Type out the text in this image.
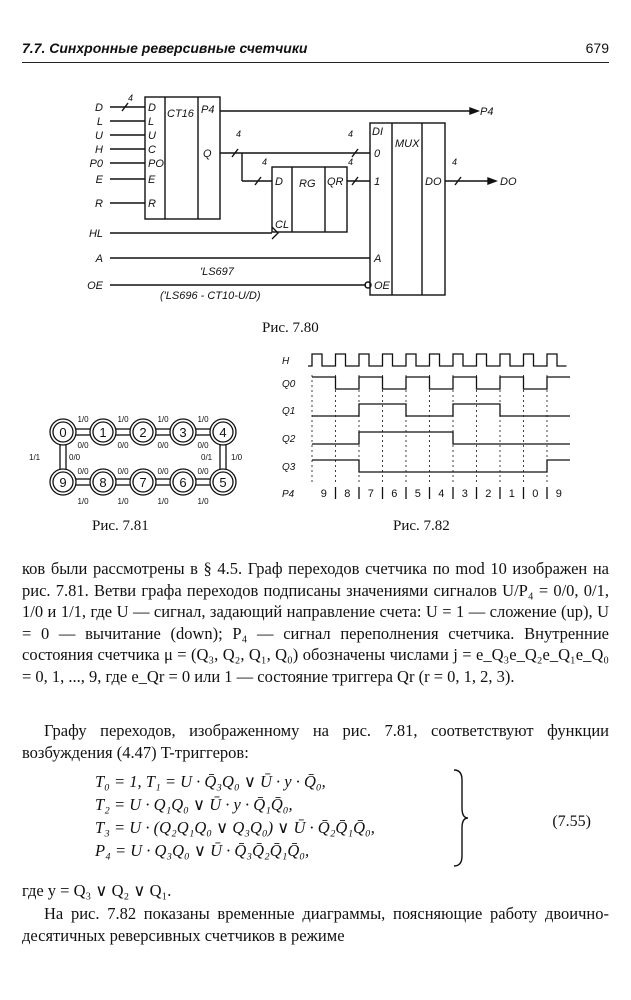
7.7. Синхронные реверсивные счетчики	679
D	D
L	L
U	U
H	C
P0	PO
E	E
R	R
4
CT16 P4
Q
P4
D
CL
RG QR
DI
0
1
A
OE
MUX
DO	DO
HL
A
OE
'LS697
('LS696 - CT10-U/D)
4
4
4
4	4
Рис. 7.80
0	1	2	3	4
9	8	7	6	5
1/0
0/0
0/0
1/0
1/0
0/0
0/0
1/0
1/0
0/0
0/0
1/0
1/0
0/0
0/0
1/0
1/1	0/0	0/1 1/0
Рис. 7.81
H
Q0
Q1
Q2
Q3
P4 9 8 7 6 5 4 3 2 1 0 9
Рис. 7.82

ков были рассмотрены в § 4.5. Граф переходов счетчика по mod 10 изображен на рис. 7.81. Ветви графа переходов подписаны значениями сигналов U/P₄ = 0/0, 0/1, 1/0 и 1/1, где U — сигнал, задающий направление счета: U = 1 — сложение (up), U = 0 — вычитание (down); P₄ — сигнал переполнения счетчика. Внутренние состояния счетчика μ = (Q₃, Q₂, Q₁, Q₀) обозначены числами j = e_Q₃e_Q₂e_Q₁e_Q₀ = 0, 1, ..., 9, где e_Qr = 0 или 1 — состояние триггера Qr (r = 0, 1, 2, 3).

Графу переходов, изображенному на рис. 7.81, соответствуют функции возбуждения (4.47) T-триггеров:

T₀ = 1, T₁ = U · Q̄₃Q₀ ∨ Ū · y · Q̄₀,
T₂ = U · Q₁Q₀ ∨ Ū · y · Q̄₁Q̄₀,
T₃ = U · (Q₂Q₁Q₀ ∨ Q₃Q₀) ∨ Ū · Q̄₂Q̄₁Q̄₀,
P₄ = U · Q₃Q₀ ∨ Ū · Q̄₃Q̄₂Q̄₁Q̄₀,
(7.55)

где y = Q₃ ∨ Q₂ ∨ Q₁.

На рис. 7.82 показаны временные диаграммы, поясняющие работу двоично-десятичных реверсивных счетчиков в режиме
